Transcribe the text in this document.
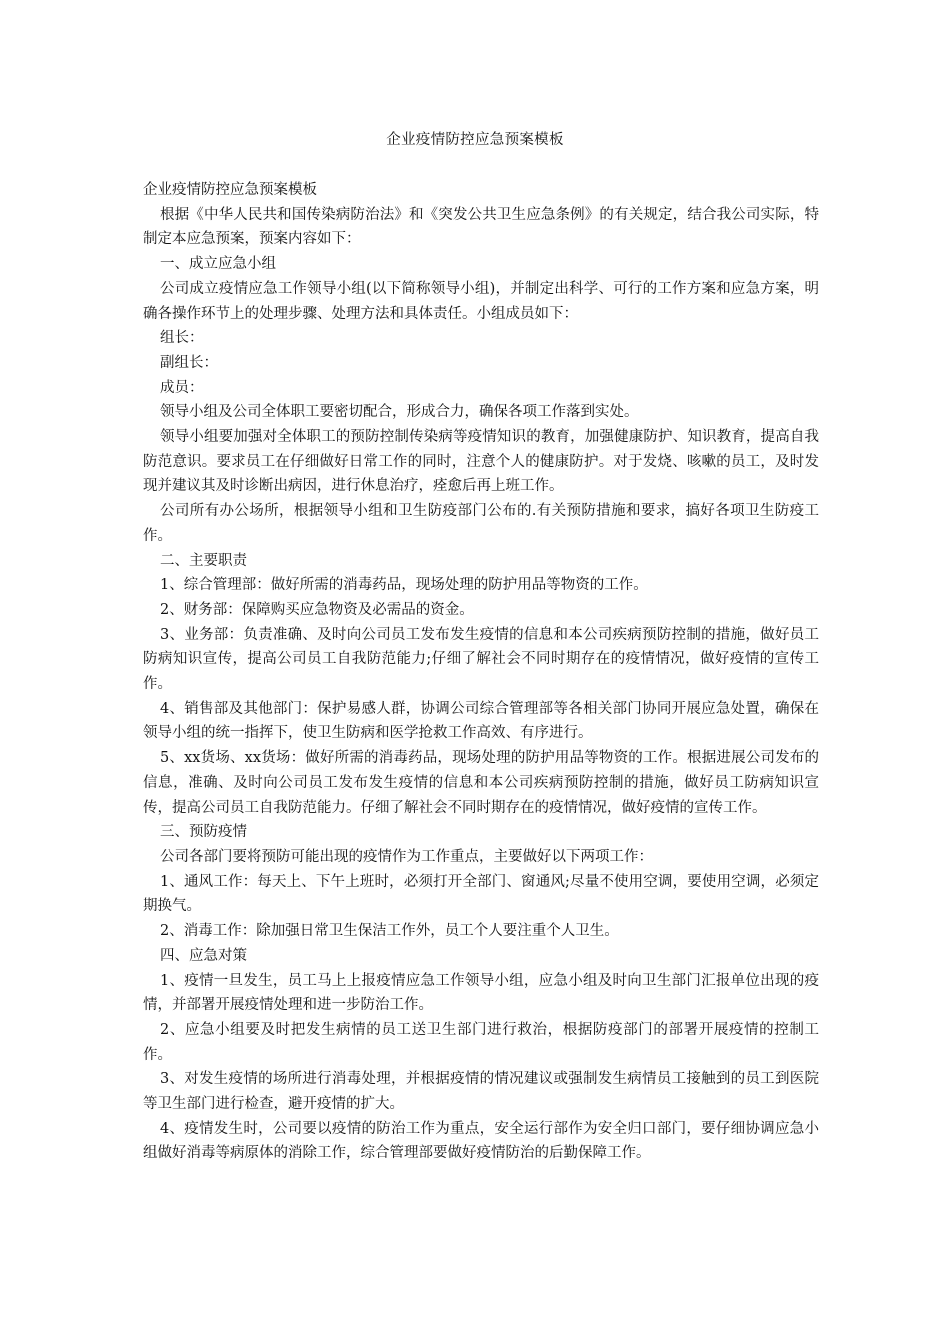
企业疫情防控应急预案模板

企业疫情防控应急预案模板

根据《中华人民共和国传染病防治法》和《突发公共卫生应急条例》的有关规定，结合我公司实际，特制定本应急预案，预案内容如下：

一、成立应急小组

公司成立疫情应急工作领导小组(以下简称领导小组)，并制定出科学、可行的工作方案和应急方案，明确各操作环节上的处理步骤、处理方法和具体责任。小组成员如下：

组长：

副组长：

成员：

领导小组及公司全体职工要密切配合，形成合力，确保各项工作落到实处。

领导小组要加强对全体职工的预防控制传染病等疫情知识的教育，加强健康防护、知识教育，提高自我防范意识。要求员工在仔细做好日常工作的同时，注意个人的健康防护。对于发烧、咳嗽的员工，及时发现并建议其及时诊断出病因，进行休息治疗，痊愈后再上班工作。

公司所有办公场所，根据领导小组和卫生防疫部门公布的.有关预防措施和要求，搞好各项卫生防疫工作。

二、主要职责

1、综合管理部：做好所需的消毒药品，现场处理的防护用品等物资的工作。

2、财务部：保障购买应急物资及必需品的资金。

3、业务部：负责准确、及时向公司员工发布发生疫情的信息和本公司疾病预防控制的措施，做好员工防病知识宣传，提高公司员工自我防范能力;仔细了解社会不同时期存在的疫情情况，做好疫情的宣传工作。

4、销售部及其他部门：保护易感人群，协调公司综合管理部等各相关部门协同开展应急处置，确保在领导小组的统一指挥下，使卫生防病和医学抢救工作高效、有序进行。

5、xx货场、xx货场：做好所需的消毒药品，现场处理的防护用品等物资的工作。根据进展公司发布的信息，准确、及时向公司员工发布发生疫情的信息和本公司疾病预防控制的措施，做好员工防病知识宣传，提高公司员工自我防范能力。仔细了解社会不同时期存在的疫情情况，做好疫情的宣传工作。

三、预防疫情

公司各部门要将预防可能出现的疫情作为工作重点，主要做好以下两项工作：

1、通风工作：每天上、下午上班时，必须打开全部门、窗通风;尽量不使用空调，要使用空调，必须定期换气。

2、消毒工作：除加强日常卫生保洁工作外，员工个人要注重个人卫生。

四、应急对策

1、疫情一旦发生，员工马上上报疫情应急工作领导小组，应急小组及时向卫生部门汇报单位出现的疫情，并部署开展疫情处理和进一步防治工作。

2、应急小组要及时把发生病情的员工送卫生部门进行救治，根据防疫部门的部署开展疫情的控制工作。

3、对发生疫情的场所进行消毒处理，并根据疫情的情况建议或强制发生病情员工接触到的员工到医院等卫生部门进行检查，避开疫情的扩大。

4、疫情发生时，公司要以疫情的防治工作为重点，安全运行部作为安全归口部门，要仔细协调应急小组做好消毒等病原体的消除工作，综合管理部要做好疫情防治的后勤保障工作。
